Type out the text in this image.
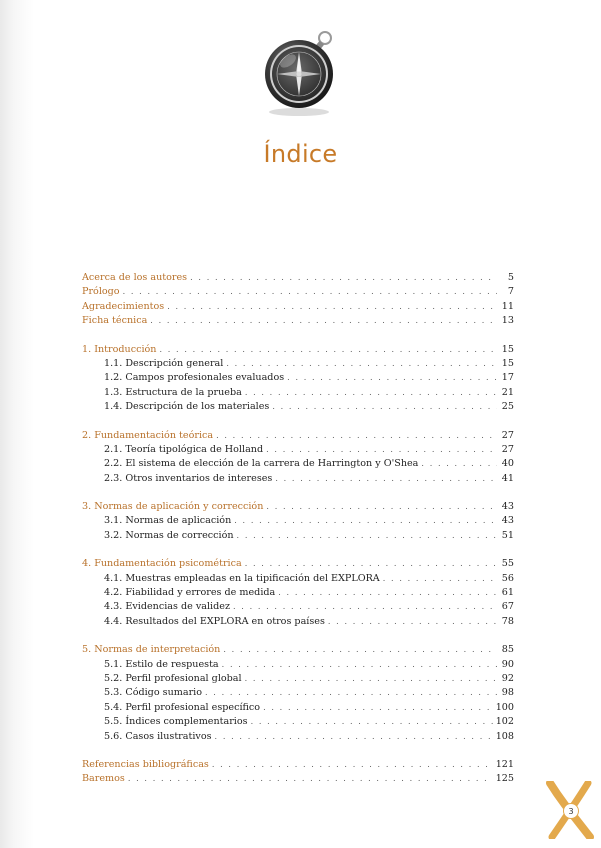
Índice
Acerca de los autores . . .	5
Prólogo . . .	7
Agradecimientos . . .	11
Ficha técnica . . .	13
1. Introducción . . .	15
1.1. Descripción general . . .	15
1.2. Campos profesionales evaluados . . .	17
1.3. Estructura de la prueba . . .	21
1.4. Descripción de los materiales . . .	25
2. Fundamentación teórica . . .	27
2.1. Teoría tipológica de Holland . . .	27
2.2. El sistema de elección de la carrera de Harrington y O'Shea . . .	40
2.3. Otros inventarios de intereses . . .	41
3. Normas de aplicación y corrección . . .	43
3.1. Normas de aplicación . . .	43
3.2. Normas de corrección . . .	51
4. Fundamentación psicométrica . . .	55
4.1. Muestras empleadas en la tipificación del EXPLORA . . .	56
4.2. Fiabilidad y errores de medida . . .	61
4.3. Evidencias de validez . . .	67
4.4. Resultados del EXPLORA en otros países . . .	78
5. Normas de interpretación . . .	85
5.1. Estilo de respuesta . . .	90
5.2. Perfil profesional global . . .	92
5.3. Código sumario . . .	98
5.4. Perfil profesional específico . . .	100
5.5. Índices complementarios . . .	102
5.6. Casos ilustrativos . . .	108
Referencias bibliográficas . . .	121
Baremos . . .	125
3
